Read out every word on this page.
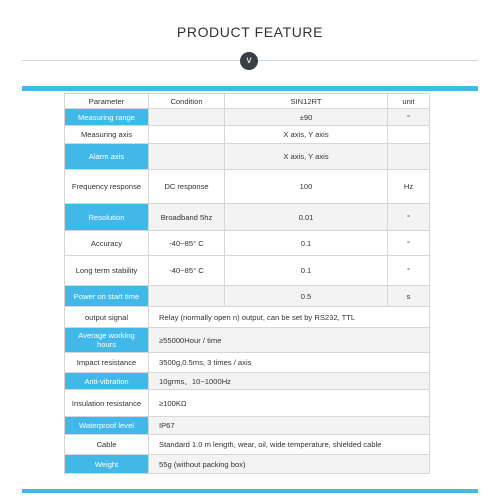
PRODUCT FEATURE
v
Parameter	Condition	SIN12RT	unit
Measuring range		±90	°
Measuring axis		X axis, Y axis	
Alarm axis		X axis, Y axis	
Frequency response	DC response	100	Hz
Resolution	Broadband 5hz	0.01	°
Accuracy	-40~85° C	0.1	°
Long term stability	-40~85° C	0.1	°
Power on start time		0.5	s
output signal	Relay (normally open n) output, can be set by RS232, TTL		
Average working hours	≥55000Hour / time		
Impact resistance	3500g,0.5ms, 3 times / axis		
Anti-vibration	10grms、10~1000Hz		
Insulation resistance	≥100KΩ		
Waterproof level	IP67		
Cable	Standard 1.0 m length, wear, oil, wide temperature, shielded cable		
Weight	55g (without packing box)		
